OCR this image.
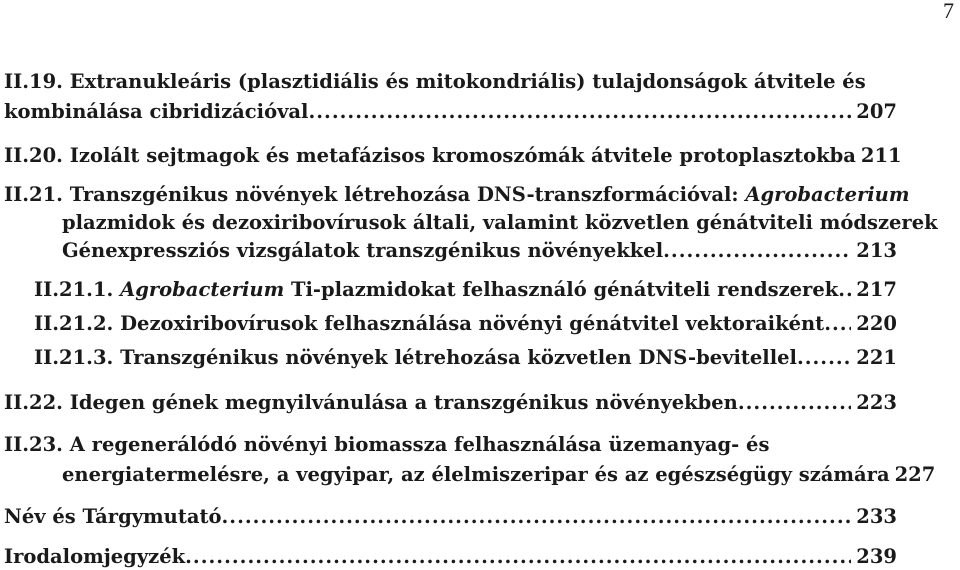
7
II.19. Extranukleáris (plasztidiális és mitokondriális) tulajdonságok átvitele és
kombinálása cibridizációval .....	207
II.20. Izolált sejtmagok és metafázisos kromoszómák átvitele protoplasztokba 211
II.21. Transzgénikus növények létrehozása DNS-transzformációval: Agrobacterium
plazmidok és dezoxiribovírusok általi, valamint közvetlen génátviteli módszerek
Génexpressziós vizsgálatok transzgénikus növényekkel .....	213
II.21.1. Agrobacterium Ti-plazmidokat felhasználó génátviteli rendszerek ..... 217
II.21.2. Dezoxiribovírusok felhasználása növényi génátvitel vektoraiként ..... 220
II.21.3. Transzgénikus növények létrehozása közvetlen DNS-bevitellel .....	221
II.22. Idegen gének megnyilvánulása a transzgénikus növényekben .....	223
II.23. A regenerálódó növényi biomassza felhasználása üzemanyag- és
energiatermelésre, a vegyipar, az élelmiszeripar és az egészségügy számára 227
Név és Tárgymutató .....	233
Irodalomjegyzék .....	239
